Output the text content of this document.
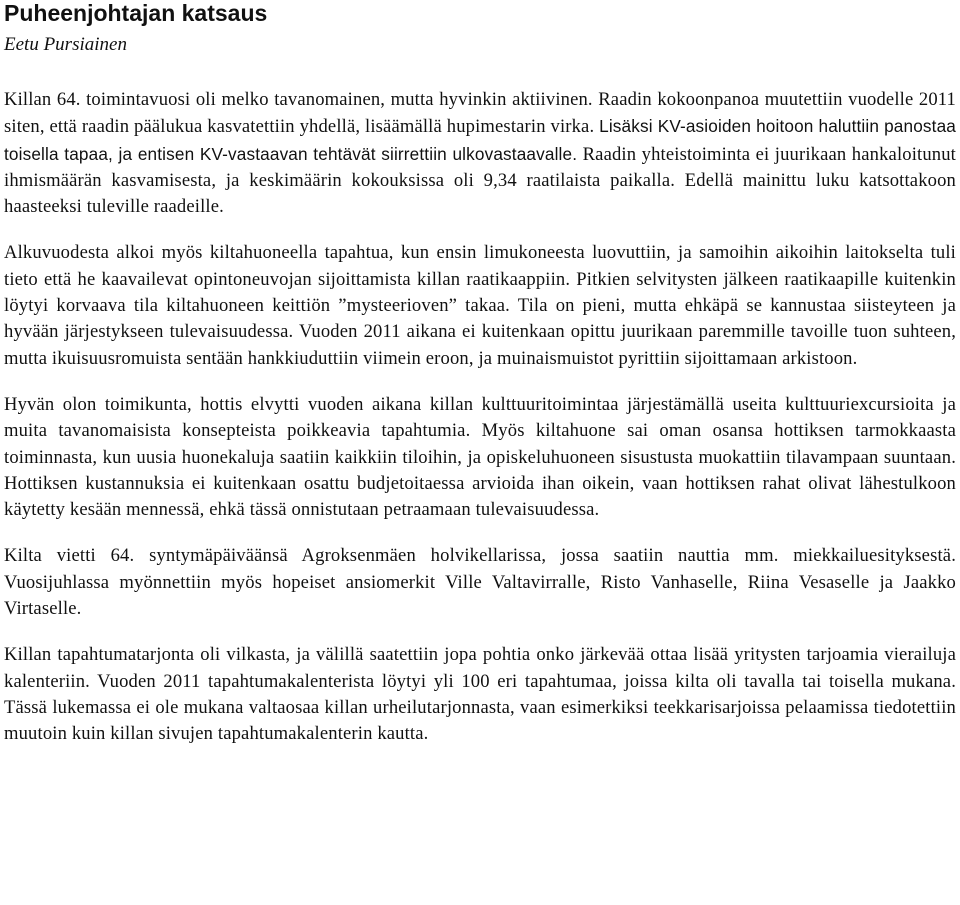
Puheenjohtajan katsaus
Eetu Pursiainen

Killan 64. toimintavuosi oli melko tavanomainen, mutta hyvinkin aktiivinen. Raadin kokoonpanoa muutettiin vuodelle 2011 siten, että raadin päälukua kasvatettiin yhdellä, lisäämällä hupimestarin virka. Lisäksi KV-asioiden hoitoon haluttiin panostaa toisella tapaa, ja entisen KV-vastaavan tehtävät siirrettiin ulkovastaavalle. Raadin yhteistoiminta ei juurikaan hankaloitunut ihmismäärän kasvamisesta, ja keskimäärin kokouksissa oli 9,34 raatilaista paikalla. Edellä mainittu luku katsottakoon haasteeksi tuleville raadeille.

Alkuvuodesta alkoi myös kiltahuoneella tapahtua, kun ensin limukoneesta luovuttiin, ja samoihin aikoihin laitokselta tuli tieto että he kaavailevat opintoneuvojan sijoittamista killan raatikaappiin. Pitkien selvitysten jälkeen raatikaapille kuitenkin löytyi korvaava tila kiltahuoneen keittiön ”mysteerioven” takaa. Tila on pieni, mutta ehkäpä se kannustaa siisteyteen ja hyvään järjestykseen tulevaisuudessa. Vuoden 2011 aikana ei kuitenkaan opittu juurikaan paremmille tavoille tuon suhteen, mutta ikuisuusromuista sentään hankkiuduttiin viimein eroon, ja muinaismuistot pyrittiin sijoittamaan arkistoon.

Hyvän olon toimikunta, hottis elvytti vuoden aikana killan kulttuuritoimintaa järjestämällä useita kulttuuriexcursioita ja muita tavanomaisista konsepteista poikkeavia tapahtumia. Myös kiltahuone sai oman osansa hottiksen tarmokkaasta toiminnasta, kun uusia huonekaluja saatiin kaikkiin tiloihin, ja opiskeluhuoneen sisustusta muokattiin tilavampaan suuntaan. Hottiksen kustannuksia ei kuitenkaan osattu budjetoitaessa arvioida ihan oikein, vaan hottiksen rahat olivat lähestulkoon käytetty kesään mennessä, ehkä tässä onnistutaan petraamaan tulevaisuudessa.

Kilta vietti 64. syntymäpäiväänsä Agroksenmäen holvikellarissa, jossa saatiin nauttia mm. miekkailuesityksestä. Vuosijuhlassa myönnettiin myös hopeiset ansiomerkit Ville Valtavirralle, Risto Vanhaselle, Riina Vesaselle ja Jaakko Virtaselle.

Killan tapahtumatarjonta oli vilkasta, ja välillä saatettiin jopa pohtia onko järkevää ottaa lisää yritysten tarjoamia vierailuja kalenteriin. Vuoden 2011 tapahtumakalenterista löytyi yli 100 eri tapahtumaa, joissa kilta oli tavalla tai toisella mukana. Tässä lukemassa ei ole mukana valtaosaa killan urheilutarjonnasta, vaan esimerkiksi teekkarisarjoissa pelaamissa tiedotettiin muutoin kuin killan sivujen tapahtumakalenterin kautta.
